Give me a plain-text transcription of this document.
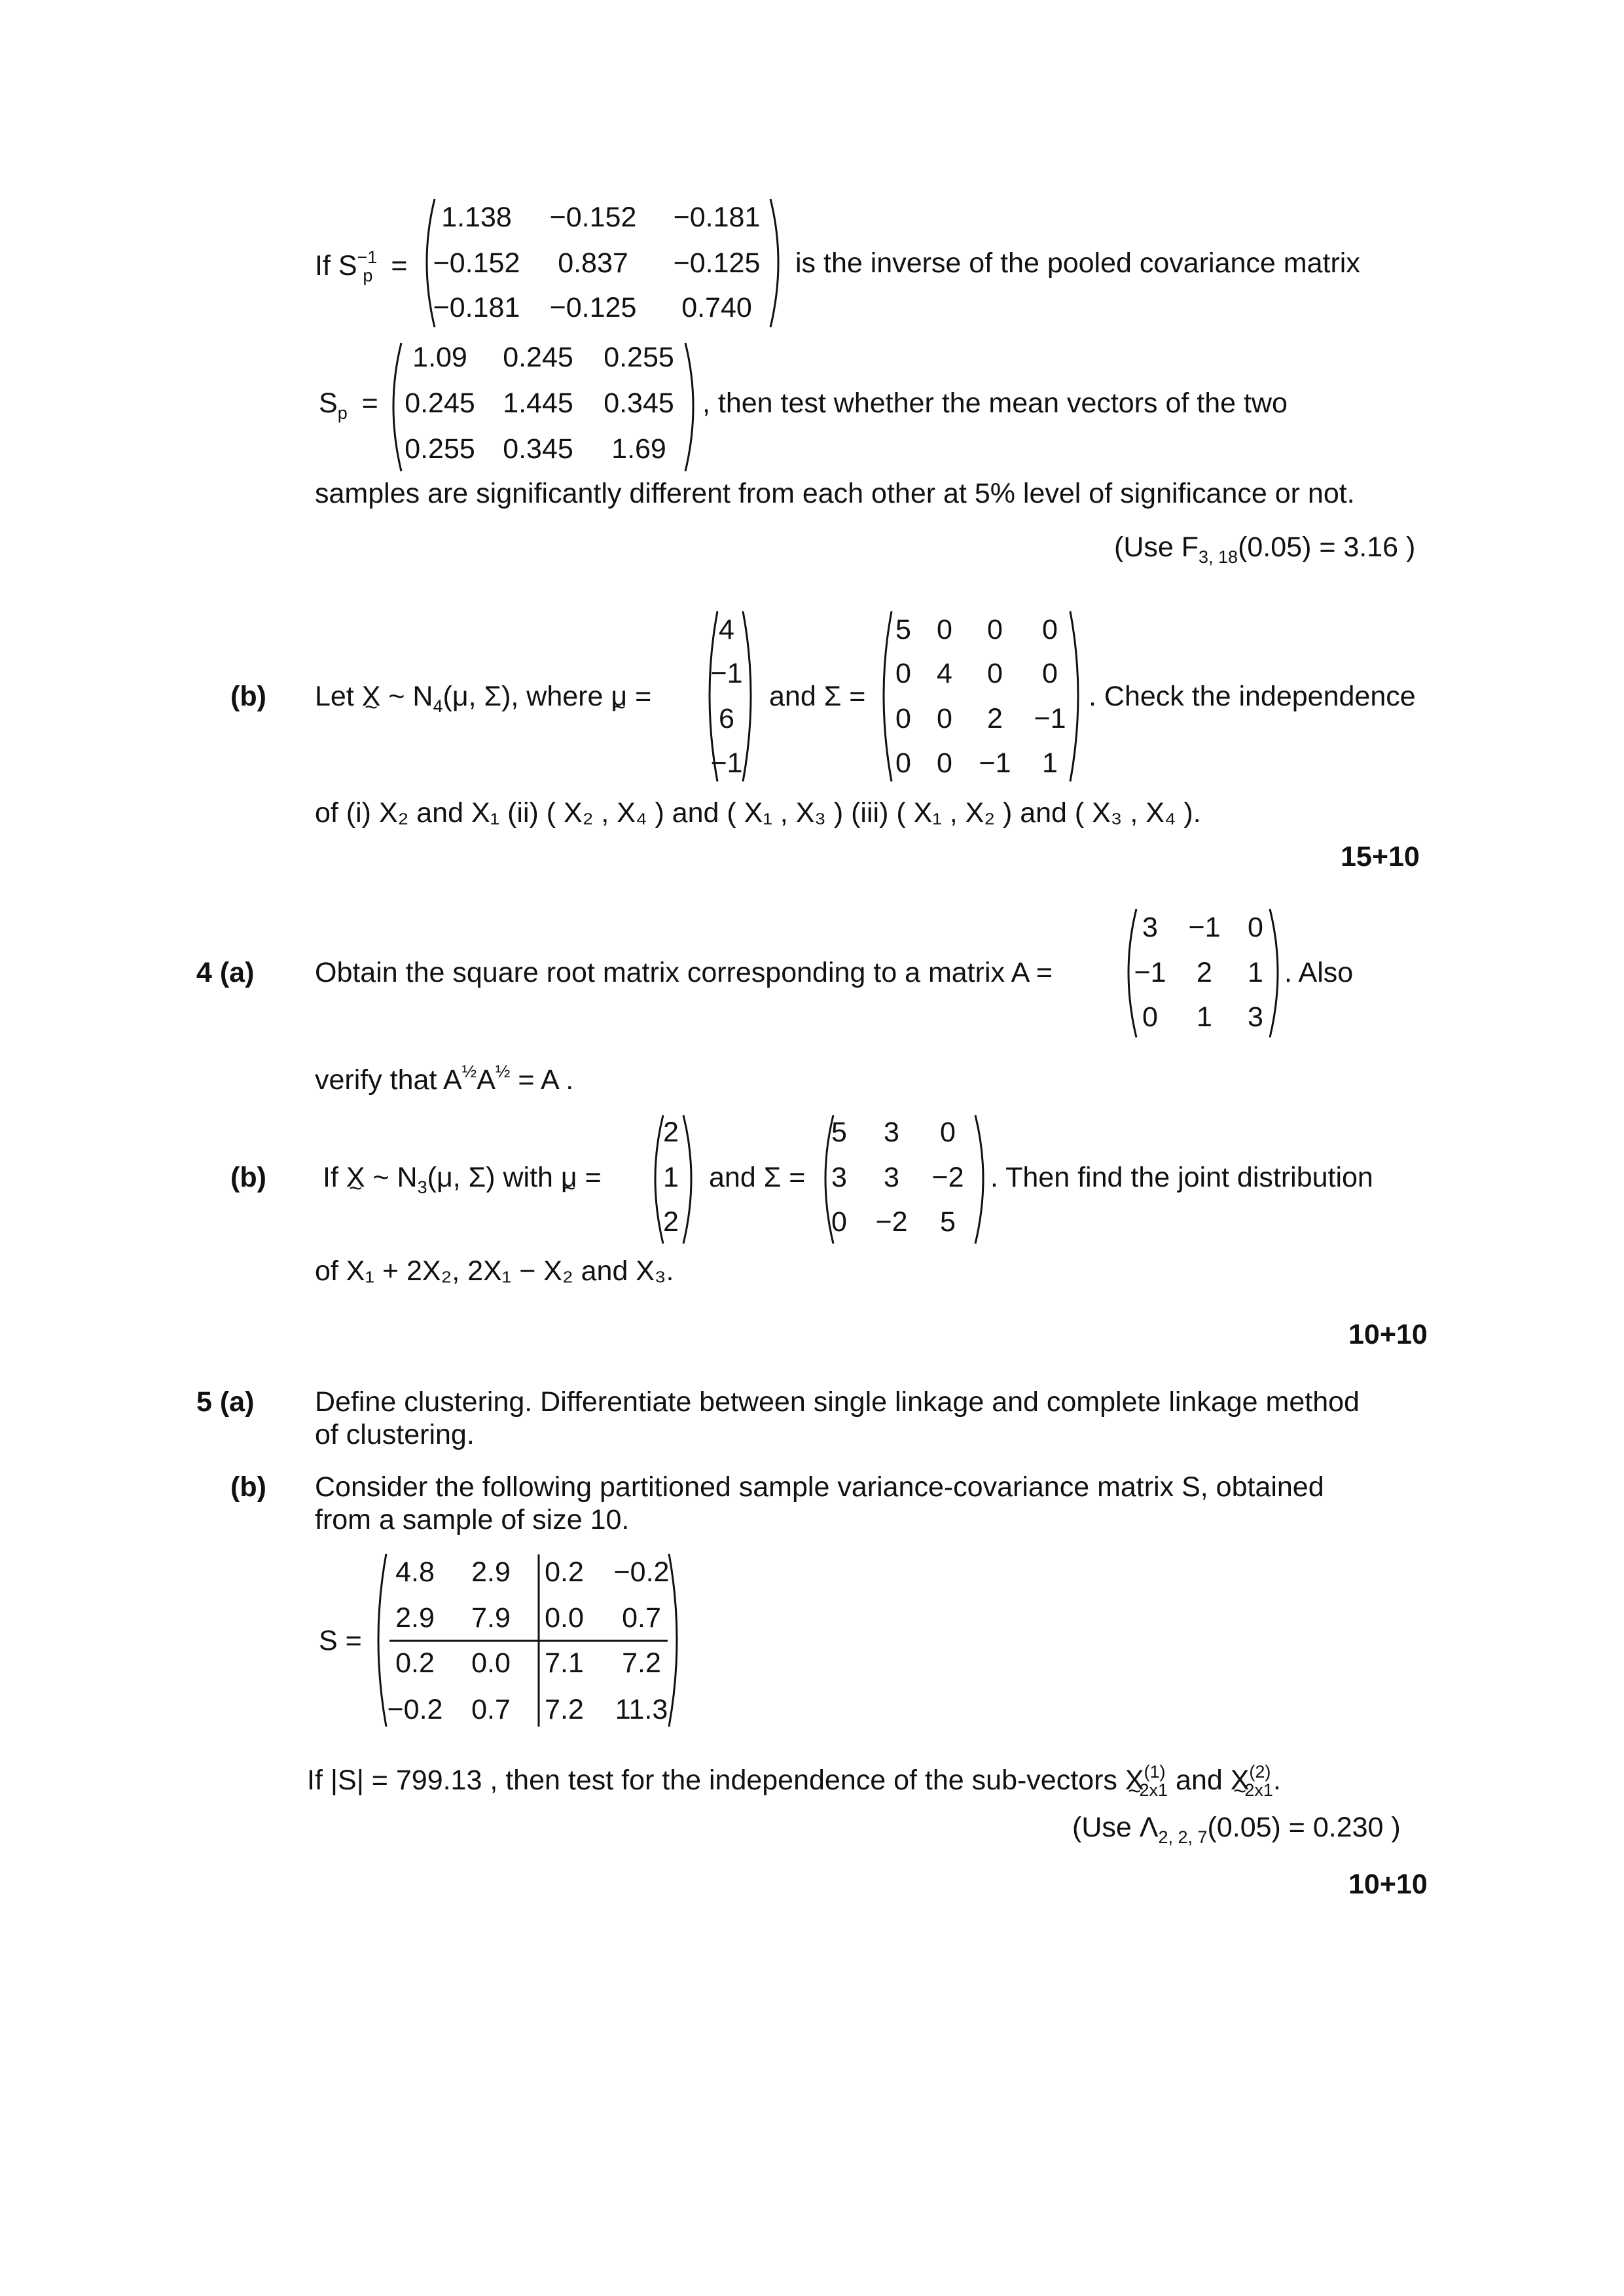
If $S^{-1}_p$ =
1.138 −0.152 −0.181
−0.152 0.837 −0.125
−0.181 −0.125 0.740
is the inverse of the pooled covariance matrix
$S_p$ =
1.09 0.245 0.255
0.245 1.445 0.345
0.255 0.345 1.69
, then test whether the mean vectors of the two
samples are significantly different from each other at 5% level of significance or not.
(Use $F_{3, 18}(0.05) = 3.16$ )
(b) Let X ~ ~ $N_4(\mu$, Σ), where μ ~ =
4
−1
6
−1
and Σ =
5 0 0 0
0 4 0 0
0 0 2 −1
0 0 −1 1
. Check the independence
of (i) X₂ and X₁ (ii) ( X₂ , X₄ ) and ( X₁ , X₃ ) (iii) ( X₁ , X₂ ) and ( X₃ , X₄ ).
15+10
4 (a) Obtain the square root matrix corresponding to a matrix A =
3 −1 0
−1 2 1
0 1 3
. Also
verify that $A^{\frac{1}{2}}A^{\frac{1}{2}} = A$ .
(b) If X ~ ~ $N_3(\mu$, Σ) with μ ~ =
2
1
2
and Σ =
5 3 0
3 3 −2
0 −2 5
. Then find the joint distribution
of X₁ + 2X₂, 2X₁ − X₂ and X₃.
10+10
5 (a) Define clustering. Differentiate between single linkage and complete linkage method
of clustering.
(b) Consider the following partitioned sample variance-covariance matrix S, obtained
from a sample of size 10.
S =
4.8 2.9 0.2 −0.2
2.9 7.9 0.0 0.7
0.2 0.0 7.1 7.2
−0.2 0.7 7.2 11.3
If |S| = 799.13 , then test for the independence of the sub-vectors X ~$^{(1)}_{2x1}$ and X ~$^{(2)}_{2x1}$.
(Use $\Lambda_{2, 2, 7}(0.05) = 0.230$ )
10+10
